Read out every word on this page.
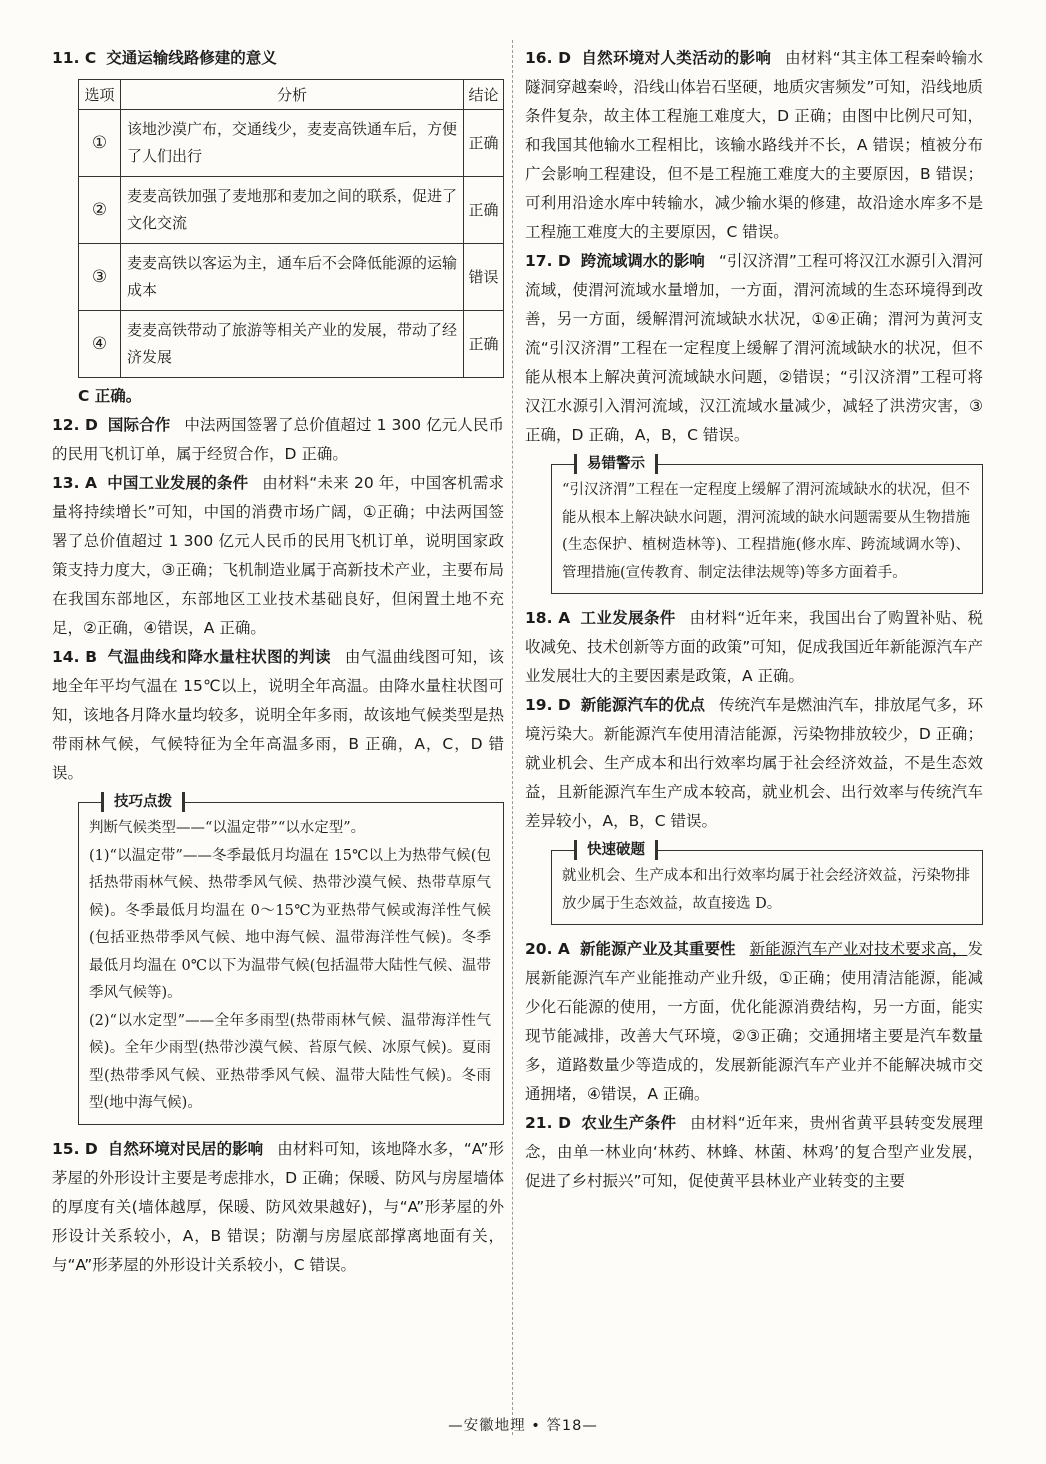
11. C 交通运输线路修建的意义
选项	分析	结论
①	该地沙漠广布，交通线少，麦麦高铁通车后，方便了人们出行	正确
②	麦麦高铁加强了麦地那和麦加之间的联系，促进了文化交流	正确
③	麦麦高铁以客运为主，通车后不会降低能源的运输成本	错误
④	麦麦高铁带动了旅游等相关产业的发展，带动了经济发展	正确
C 正确。
12. D 国际合作 中法两国签署了总价值超过 1 300 亿元人民币的民用飞机订单，属于经贸合作，D 正确。
13. A 中国工业发展的条件 由材料“未来 20 年，中国客机需求量将持续增长”可知，中国的消费市场广阔，①正确；中法两国签署了总价值超过 1 300 亿元人民币的民用飞机订单，说明国家政策支持力度大，③正确；飞机制造业属于高新技术产业，主要布局在我国东部地区，东部地区工业技术基础良好，但闲置土地不充足，②正确，④错误，A 正确。
14. B 气温曲线和降水量柱状图的判读 由气温曲线图可知，该地全年平均气温在 15℃以上，说明全年高温。由降水量柱状图可知，该地各月降水量均较多，说明全年多雨，故该地气候类型是热带雨林气候，气候特征为全年高温多雨，B 正确，A，C，D 错误。
技巧点拨
判断气候类型——“以温定带”“以水定型”。
(1)“以温定带”——冬季最低月均温在 15℃以上为热带气候(包括热带雨林气候、热带季风气候、热带沙漠气候、热带草原气候)。冬季最低月均温在 0～15℃为亚热带气候或海洋性气候(包括亚热带季风气候、地中海气候、温带海洋性气候)。冬季最低月均温在 0℃以下为温带气候(包括温带大陆性气候、温带季风气候等)。
(2)“以水定型”——全年多雨型(热带雨林气候、温带海洋性气候)。全年少雨型(热带沙漠气候、苔原气候、冰原气候)。夏雨型(热带季风气候、亚热带季风气候、温带大陆性气候)。冬雨型(地中海气候)。
15. D 自然环境对民居的影响 由材料可知，该地降水多，“A”形茅屋的外形设计主要是考虑排水，D 正确；保暖、防风与房屋墙体的厚度有关(墙体越厚，保暖、防风效果越好)，与“A”形茅屋的外形设计关系较小，A，B 错误；防潮与房屋底部撑离地面有关，与“A”形茅屋的外形设计关系较小，C 错误。
16. D 自然环境对人类活动的影响 由材料“其主体工程秦岭输水隧洞穿越秦岭，沿线山体岩石坚硬，地质灾害频发”可知，沿线地质条件复杂，故主体工程施工难度大，D 正确；由图中比例尺可知，和我国其他输水工程相比，该输水路线并不长，A 错误；植被分布广会影响工程建设，但不是工程施工难度大的主要原因，B 错误；可利用沿途水库中转输水，减少输水渠的修建，故沿途水库多不是工程施工难度大的主要原因，C 错误。
17. D 跨流域调水的影响 “引汉济渭”工程可将汉江水源引入渭河流域，使渭河流域水量增加，一方面，渭河流域的生态环境得到改善，另一方面，缓解渭河流域缺水状况，①④正确；渭河为黄河支流“引汉济渭”工程在一定程度上缓解了渭河流域缺水的状况，但不能从根本上解决黄河流域缺水问题，②错误；“引汉济渭”工程可将汉江水源引入渭河流域，汉江流域水量减少，减轻了洪涝灾害，③正确，D 正确，A，B，C 错误。
易错警示
“引汉济渭”工程在一定程度上缓解了渭河流域缺水的状况，但不能从根本上解决缺水问题，渭河流域的缺水问题需要从生物措施(生态保护、植树造林等)、工程措施(修水库、跨流域调水等)、管理措施(宣传教育、制定法律法规等)等多方面着手。
18. A 工业发展条件 由材料“近年来，我国出台了购置补贴、税收减免、技术创新等方面的政策”可知，促成我国近年新能源汽车产业发展壮大的主要因素是政策，A 正确。
19. D 新能源汽车的优点 传统汽车是燃油汽车，排放尾气多，环境污染大。新能源汽车使用清洁能源，污染物排放较少，D 正确；就业机会、生产成本和出行效率均属于社会经济效益，不是生态效益，且新能源汽车生产成本较高，就业机会、出行效率与传统汽车差异较小，A，B，C 错误。
快速破题
就业机会、生产成本和出行效率均属于社会经济效益，污染物排放少属于生态效益，故直接选 D。
20. A 新能源产业及其重要性 新能源汽车产业对技术要求高，发展新能源汽车产业能推动产业升级，①正确；使用清洁能源，能减少化石能源的使用，一方面，优化能源消费结构，另一方面，能实现节能减排，改善大气环境，②③正确；交通拥堵主要是汽车数量多，道路数量少等造成的，发展新能源汽车产业并不能解决城市交通拥堵，④错误，A 正确。
21. D 农业生产条件 由材料“近年来，贵州省黄平县转变发展理念，由单一林业向‘林药、林蜂、林菌、林鸡’的复合型产业发展，促进了乡村振兴”可知，促使黄平县林业产业转变的主要
—安徽地理 • 答18—
